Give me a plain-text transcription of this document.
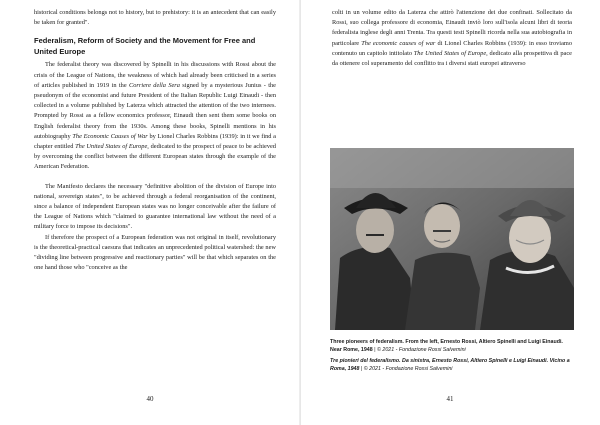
historical conditions belongs not to history, but to prehistory: it is an antecedent that can easily be taken for granted".

Federalism, Reform of Society and the Movement for Free and United Europe

The federalist theory was discovered by Spinelli in his discussions with Rossi about the crisis of the League of Nations, the weakness of which had already been criticised in a series of articles published in 1919 in the Corriere della Sera signed by a mysterious Junius - the pseudonym of the economist and future President of the Italian Republic Luigi Einaudi - then collected in a volume published by Laterza which attracted the attention of the two internees. Prompted by Rossi as a fellow economics professor, Einaudi then sent them some books on English federalist theory from the 1930s. Among these books, Spinelli mentions in his autobiography The Economic Causes of War by Lionel Charles Robbins (1939): in it we find a chapter entitled The United States of Europe, dedicated to the prospect of peace to be achieved by overcoming the conflict between the different European states through the example of the American Federation.

The Manifesto declares the necessary "definitive abolition of the division of Europe into national, sovereign states", to be achieved through a federal reorganisation of the continent, since a balance of independent European states was no longer conceivable after the failure of the League of Nations which "claimed to guarantee international law without the need of a military force to impose its decisions".

If therefore the prospect of a European federation was not original in itself, revolutionary is the theoretical-practical caesura that indicates an unprecedented political watershed: the new "dividing line between progressive and reactionary parties" will be that which separates on the one hand those who "conceive as the

40

colti in un volume edito da Laterza che attirò l'attenzione dei due confinati. Sollecitato da Rossi, suo collega professore di economia, Einaudi inviò loro sull'isola alcuni libri di teoria federalista inglese degli anni Trenta. Tra questi testi Spinelli ricorda nella sua autobiografia in particolare The economic causes of war di Lionel Charles Robbins (1939): in esso troviamo contenuto un capitolo intitolato The United States of Europe, dedicato alla prospettiva di pace da ottenere col superamento del conflitto tra i diversi stati europei attraverso

Three pioneers of federalism. From the left, Ernesto Rossi, Altiero Spinelli and Luigi Einaudi. Near Rome, 1948 | © 2021 - Fondazione Rossi Salvemini
Tre pionieri del federalismo. Da sinistra, Ernesto Rossi, Altiero Spinelli e Luigi Einaudi. Vicino a Roma, 1948 | © 2021 - Fondazione Rossi Salvemini
41
